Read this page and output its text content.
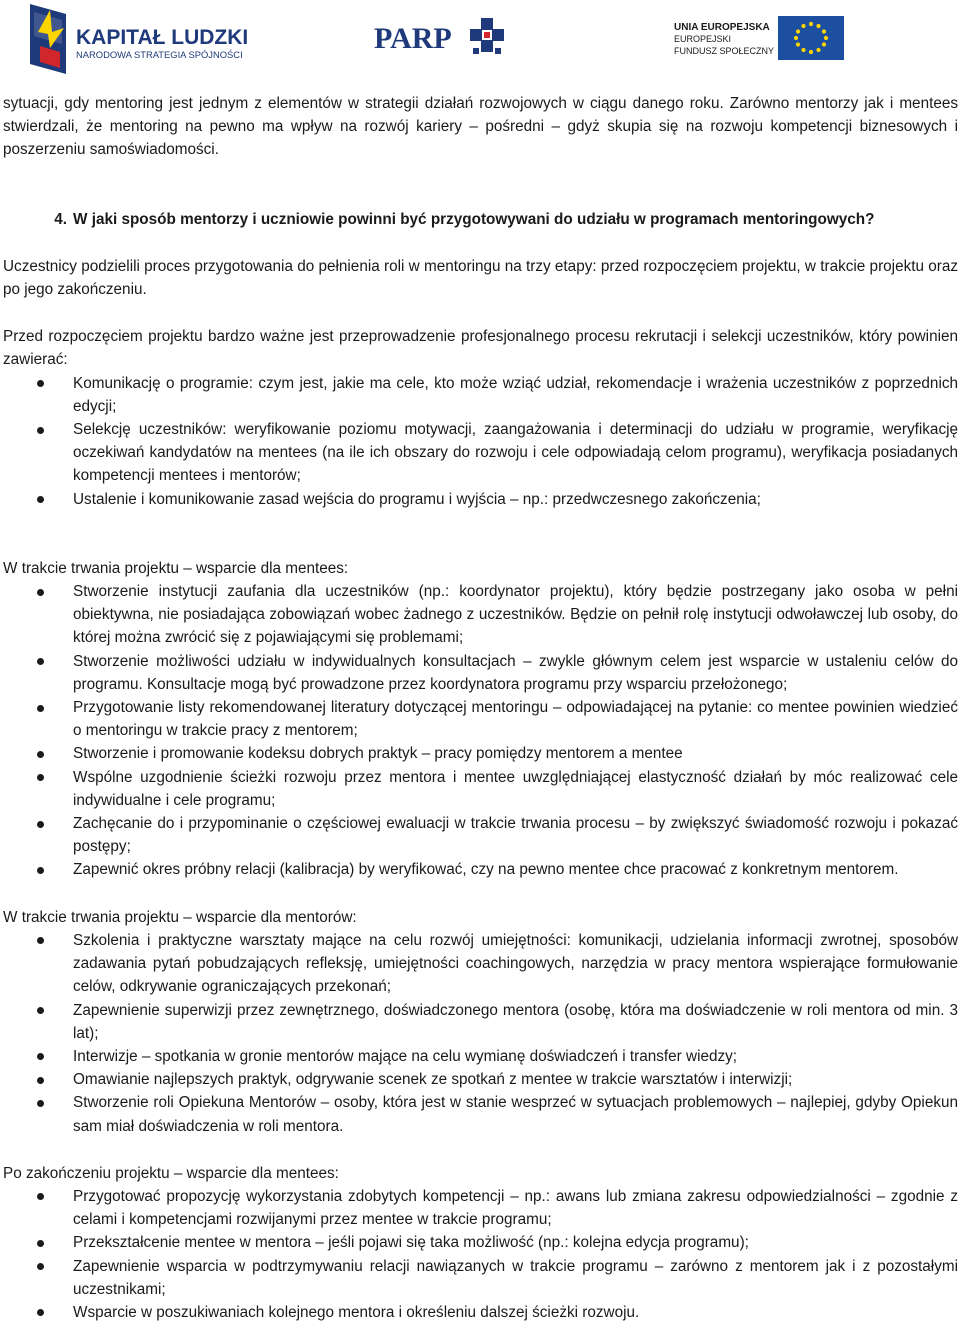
KAPITAŁ LUDZKI
NARODOWA STRATEGIA SPÓJNOŚCI	PARP	UNIA EUROPEJSKA
EUROPEJSKI
FUNDUSZ SPOŁECZNY

sytuacji, gdy mentoring jest jednym z elementów w strategii działań rozwojowych w ciągu danego roku. Zarówno mentorzy jak i mentees stwierdzali, że mentoring na pewno ma wpływ na rozwój kariery – pośredni – gdyż skupia się na rozwoju kompetencji biznesowych i poszerzeniu samoświadomości.

4. W jaki sposób mentorzy i uczniowie powinni być przygotowywani do udziału w programach mentoringowych?

Uczestnicy podzielili proces przygotowania do pełnienia roli w mentoringu na trzy etapy: przed rozpoczęciem projektu, w trakcie projektu oraz po jego zakończeniu.

Przed rozpoczęciem projektu bardzo ważne jest przeprowadzenie profesjonalnego procesu rekrutacji i selekcji uczestników, który powinien zawierać:

Komunikację o programie: czym jest, jakie ma cele, kto może wziąć udział, rekomendacje i wrażenia uczestników z poprzednich edycji;
Selekcję uczestników: weryfikowanie poziomu motywacji, zaangażowania i determinacji do udziału w programie, weryfikację oczekiwań kandydatów na mentees (na ile ich obszary do rozwoju i cele odpowiadają celom programu), weryfikacja posiadanych kompetencji mentees i mentorów;
Ustalenie i komunikowanie zasad wejścia do programu i wyjścia – np.: przedwczesnego zakończenia;

W trakcie trwania projektu – wsparcie dla mentees:

Stworzenie instytucji zaufania dla uczestników (np.: koordynator projektu), który będzie postrzegany jako osoba w pełni obiektywna, nie posiadająca zobowiązań wobec żadnego z uczestników. Będzie on pełnił rolę instytucji odwoławczej lub osoby, do której można zwrócić się z pojawiającymi się problemami;
Stworzenie możliwości udziału w indywidualnych konsultacjach – zwykle głównym celem jest wsparcie w ustaleniu celów do programu. Konsultacje mogą być prowadzone przez koordynatora programu przy wsparciu przełożonego;
Przygotowanie listy rekomendowanej literatury dotyczącej mentoringu – odpowiadającej na pytanie: co mentee powinien wiedzieć o mentoringu w trakcie pracy z mentorem;
Stworzenie i promowanie kodeksu dobrych praktyk – pracy pomiędzy mentorem a mentee
Wspólne uzgodnienie ścieżki rozwoju przez mentora i mentee uwzględniającej elastyczność działań by móc realizować cele indywidualne i cele programu;
Zachęcanie do i przypominanie o częściowej ewaluacji w trakcie trwania procesu – by zwiększyć świadomość rozwoju i pokazać postępy;
Zapewnić okres próbny relacji (kalibracja) by weryfikować, czy na pewno mentee chce pracować z konkretnym mentorem.

W trakcie trwania projektu – wsparcie dla mentorów:

Szkolenia i praktyczne warsztaty mające na celu rozwój umiejętności: komunikacji, udzielania informacji zwrotnej, sposobów zadawania pytań pobudzających refleksję, umiejętności coachingowych, narzędzia w pracy mentora wspierające formułowanie celów, odkrywanie ograniczających przekonań;
Zapewnienie superwizji przez zewnętrznego, doświadczonego mentora (osobę, która ma doświadczenie w roli mentora od min. 3 lat);
Interwizje – spotkania w gronie mentorów mające na celu wymianę doświadczeń i transfer wiedzy;
Omawianie najlepszych praktyk, odgrywanie scenek ze spotkań z mentee w trakcie warsztatów i interwizji;
Stworzenie roli Opiekuna Mentorów – osoby, która jest w stanie wesprzeć w sytuacjach problemowych – najlepiej, gdyby Opiekun sam miał doświadczenia w roli mentora.

Po zakończeniu projektu – wsparcie dla mentees:

Przygotować propozycję wykorzystania zdobytych kompetencji – np.: awans lub zmiana zakresu odpowiedzialności – zgodnie z celami i kompetencjami rozwijanymi przez mentee w trakcie programu;
Przekształcenie mentee w mentora – jeśli pojawi się taka możliwość (np.: kolejna edycja programu);
Zapewnienie wsparcia w podtrzymywaniu relacji nawiązanych w trakcie programu – zarówno z mentorem jak i z pozostałymi uczestnikami;
Wsparcie w poszukiwaniach kolejnego mentora i określeniu dalszej ścieżki rozwoju.
